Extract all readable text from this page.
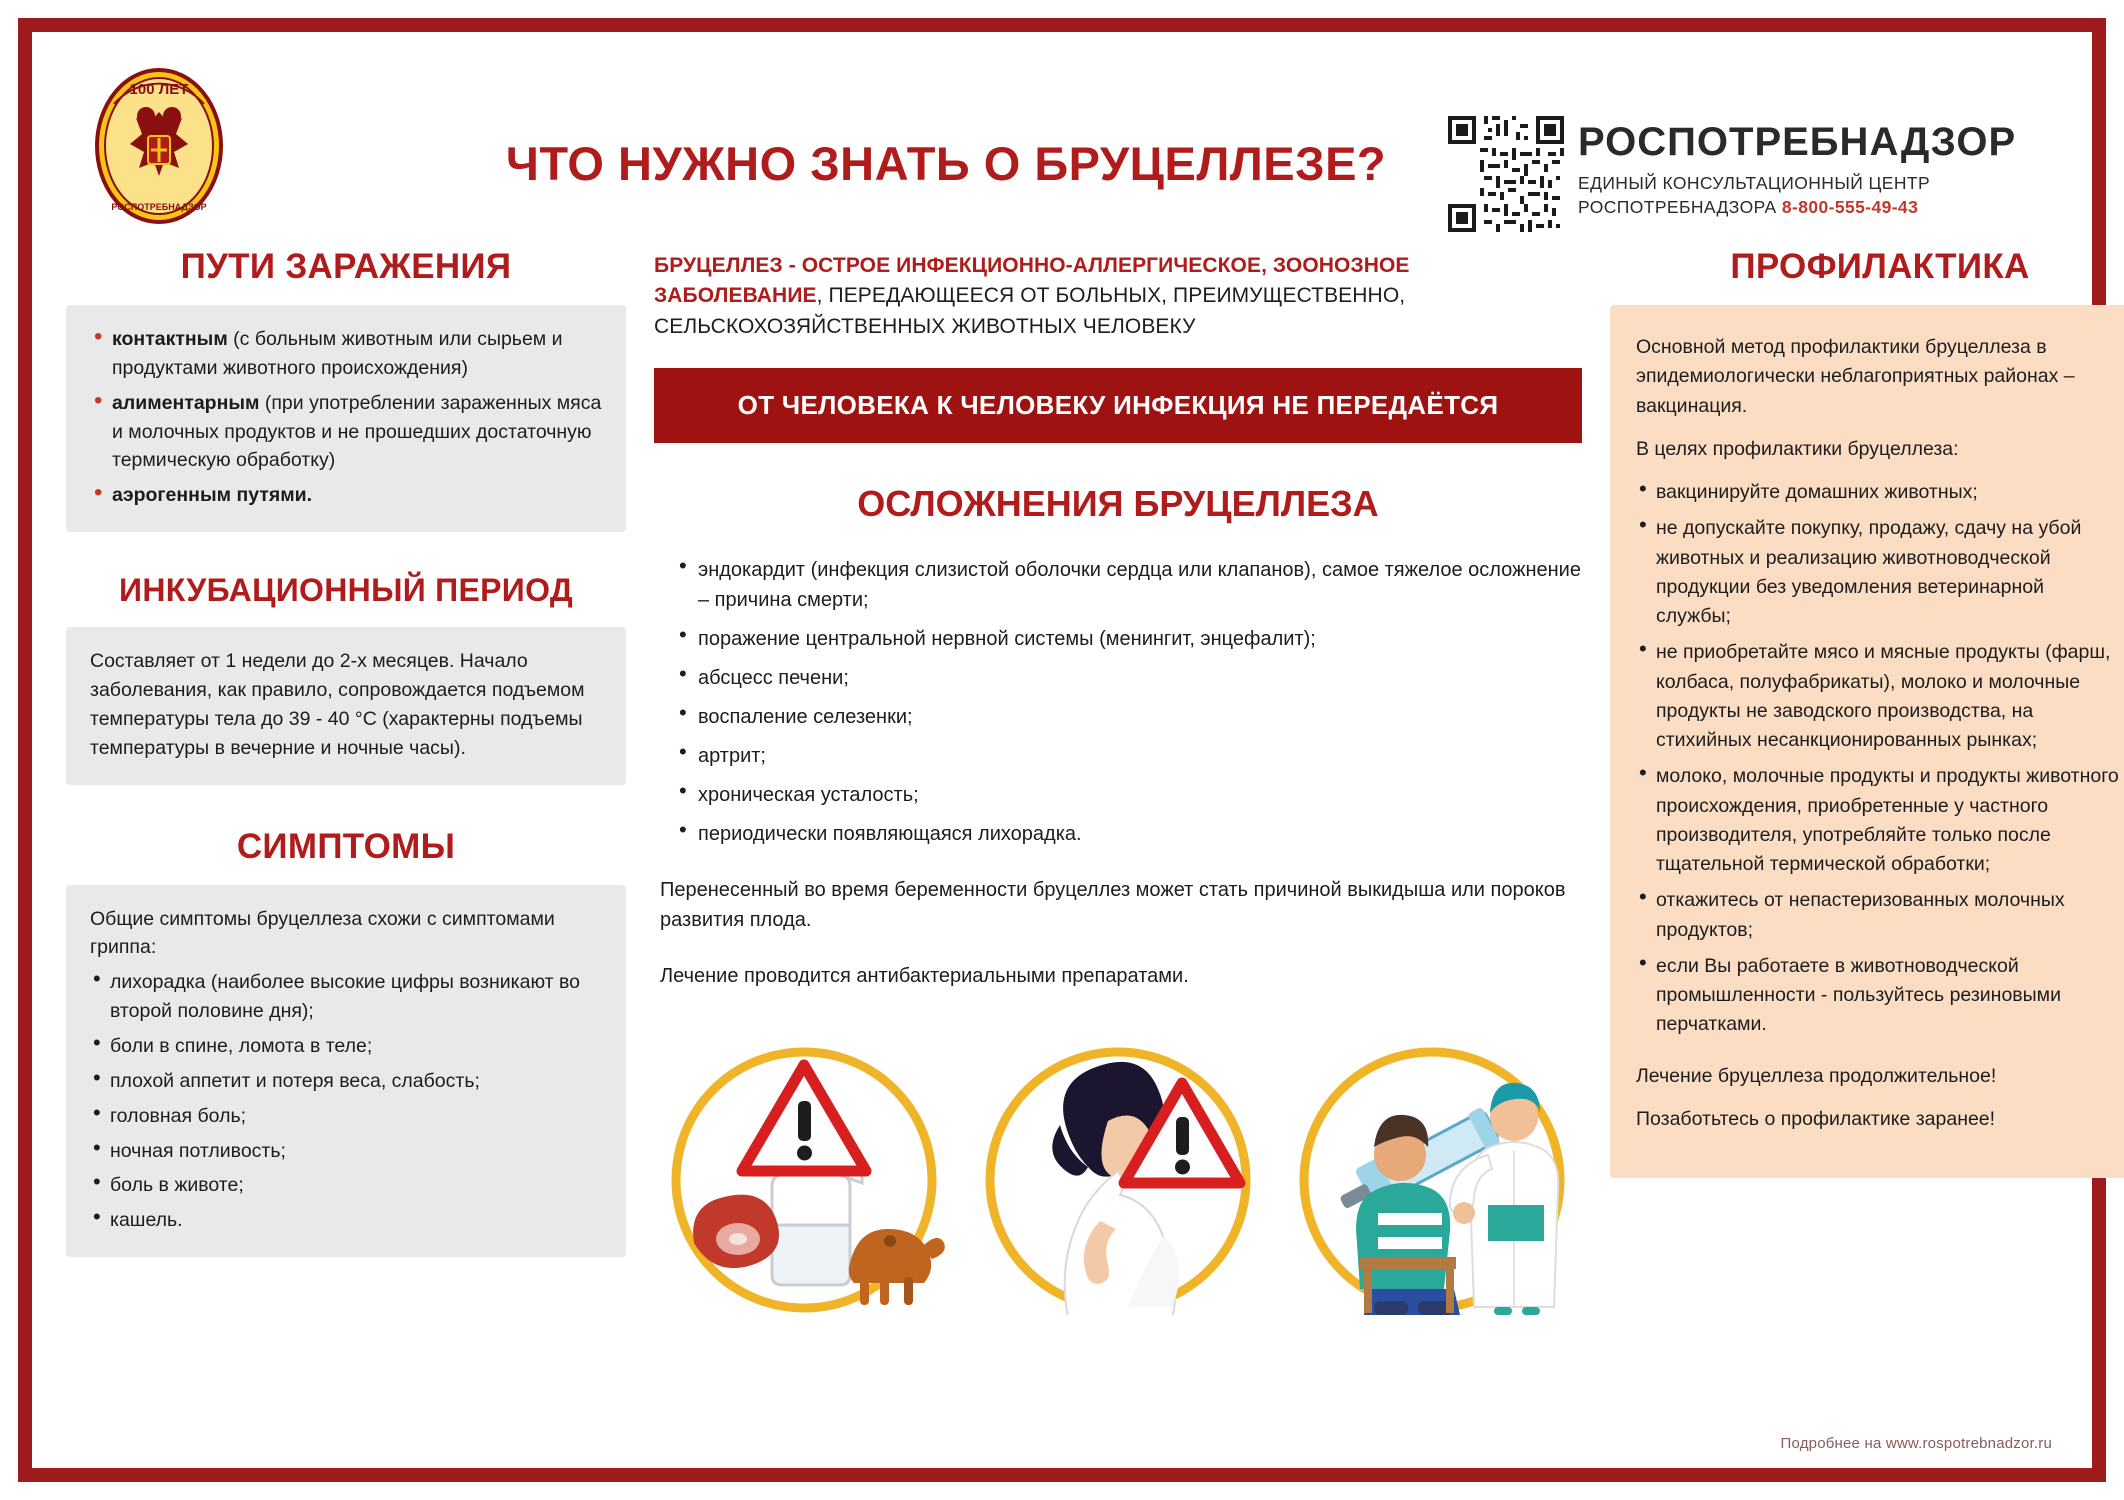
100 ЛЕТ
РОСПОТРЕБНАДЗОР
ЧТО НУЖНО ЗНАТЬ О БРУЦЕЛЛЕЗЕ?	РОСПОТРЕБНАДЗОР
ЕДИНЫЙ КОНСУЛЬТАЦИОННЫЙ ЦЕНТР
РОСПОТРЕБНАДЗОРА 8-800-555-49-43
ПУТИ ЗАРАЖЕНИЯ

• контактным (с больным животным или сырьем и продуктами животного происхождения)

• алиментарным (при употреблении зараженных мяса и молочных продуктов и не прошедших достаточную термическую обработку)

• аэрогенным путями.

ИНКУБАЦИОННЫЙ ПЕРИОД

Составляет от 1 недели до 2-х месяцев. Начало заболевания, как правило, сопровождается подъемом температуры тела до 39 - 40 °C (характерны подъемы температуры в вечерние и ночные часы).

СИМПТОМЫ

Общие симптомы бруцеллеза схожи с симптомами гриппа:

• лихорадка (наиболее высокие цифры возникают во второй половине дня);

• боли в спине, ломота в теле;

• плохой аппетит и потеря веса, слабость;

• головная боль;

• ночная потливость;

• боль в животе;

• кашель.

БРУЦЕЛЛЕЗ - ОСТРОЕ ИНФЕКЦИОННО-АЛЛЕРГИЧЕСКОЕ, ЗООНОЗНОЕ ЗАБОЛЕВАНИЕ, ПЕРЕДАЮЩЕЕСЯ ОТ БОЛЬНЫХ, ПРЕИМУЩЕСТВЕННО, СЕЛЬСКОХОЗЯЙСТВЕННЫХ ЖИВОТНЫХ ЧЕЛОВЕКУ

ОТ ЧЕЛОВЕКА К ЧЕЛОВЕКУ ИНФЕКЦИЯ НЕ ПЕРЕДАЁТСЯ
ОСЛОЖНЕНИЯ БРУЦЕЛЛЕЗА

• эндокардит (инфекция слизистой оболочки сердца или клапанов), самое тяжелое осложнение – причина смерти;

• поражение центральной нервной системы (менингит, энцефалит);

• абсцесс печени;

• воспаление селезенки;

• артрит;

• хроническая усталость;

• периодически появляющаяся лихорадка.

Перенесенный во время беременности бруцеллез может стать причиной выкидыша или пороков развития плода.

Лечение проводится антибактериальными препаратами.

ПРОФИЛАКТИКА

Основной метод профилактики бруцеллеза в эпидемиологически неблагоприятных районах – вакцинация.

В целях профилактики бруцеллеза:

• вакцинируйте домашних животных;

• не допускайте покупку, продажу, сдачу на убой животных и реализацию животноводческой продукции без уведомления ветеринарной службы;

• не приобретайте мясо и мясные продукты (фарш, колбаса, полуфабрикаты), молоко и молочные продукты не заводского производства, на стихийных несанкционированных рынках;

• молоко, молочные продукты и продукты животного происхождения, приобретенные у частного производителя, употребляйте только после тщательной термической обработки;

• откажитесь от непастеризованных молочных продуктов;

• если Вы работаете в животноводческой промышленности - пользуйтесь резиновыми перчатками.

Лечение бруцеллеза продолжительное!

Позаботьтесь о профилактике заранее!

Подробнее на www.rospotrebnadzor.ru
